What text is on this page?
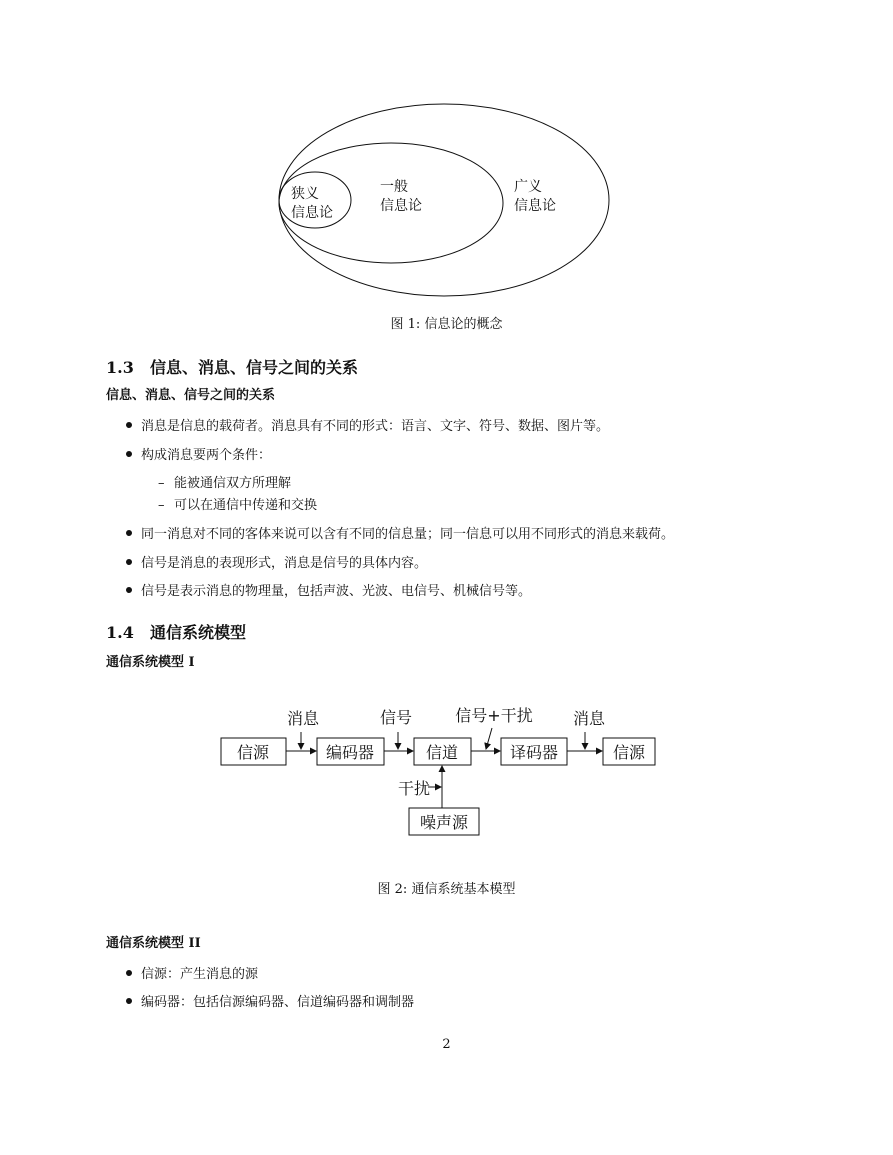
狭义
信息论
一般
信息论
广义
信息论
图 1: 信息论的概念
1.3 信息、消息、信号之间的关系
信息、消息、信号之间的关系
消息是信息的载荷者。消息具有不同的形式：语言、文字、符号、数据、图片等。
构成消息要两个条件：
– 能被通信双方所理解
– 可以在通信中传递和交换
同一消息对不同的客体来说可以含有不同的信息量；同一信息可以用不同形式的消息来载荷。
信号是消息的表现形式，消息是信号的具体内容。
信号是表示消息的物理量，包括声波、光波、电信号、机械信号等。
1.4 通信系统模型
通信系统模型 I
信源	编码器	信道	译码器	信源
噪声源
消息	信号	信号+干扰	消息
干扰
图 2: 通信系统基本模型
通信系统模型 II
信源：产生消息的源
编码器：包括信源编码器、信道编码器和调制器
2
